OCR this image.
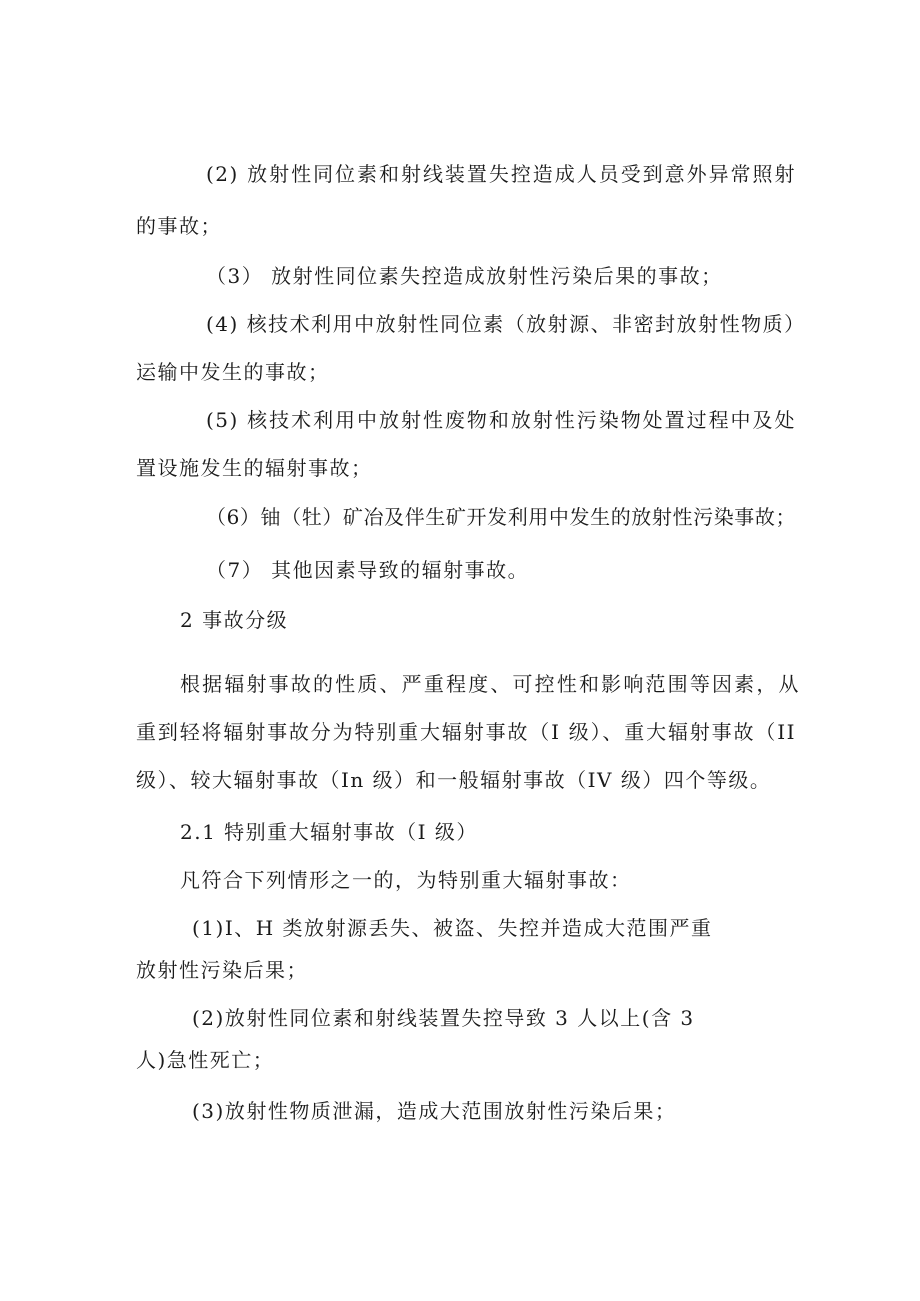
(2) 放射性同位素和射线装置失控造成人员受到意外异常照射
的事故；
（3） 放射性同位素失控造成放射性污染后果的事故；
(4) 核技术利用中放射性同位素（放射源、非密封放射性物质）
运输中发生的事故；
(5) 核技术利用中放射性废物和放射性污染物处置过程中及处
置设施发生的辐射事故；
（6）铀（牡）矿冶及伴生矿开发利用中发生的放射性污染事故；
（7） 其他因素导致的辐射事故。
2 事故分级
根据辐射事故的性质、严重程度、可控性和影响范围等因素，从
重到轻将辐射事故分为特别重大辐射事故（I 级）、重大辐射事故（II
级）、较大辐射事故（In 级）和一般辐射事故（IV 级）四个等级。
2.1 特别重大辐射事故（I 级）
凡符合下列情形之一的，为特别重大辐射事故：
(1)I、H 类放射源丢失、被盗、失控并造成大范围严重
放射性污染后果；
(2)放射性同位素和射线装置失控导致 3 人以上(含 3
人)急性死亡；
(3)放射性物质泄漏，造成大范围放射性污染后果；
